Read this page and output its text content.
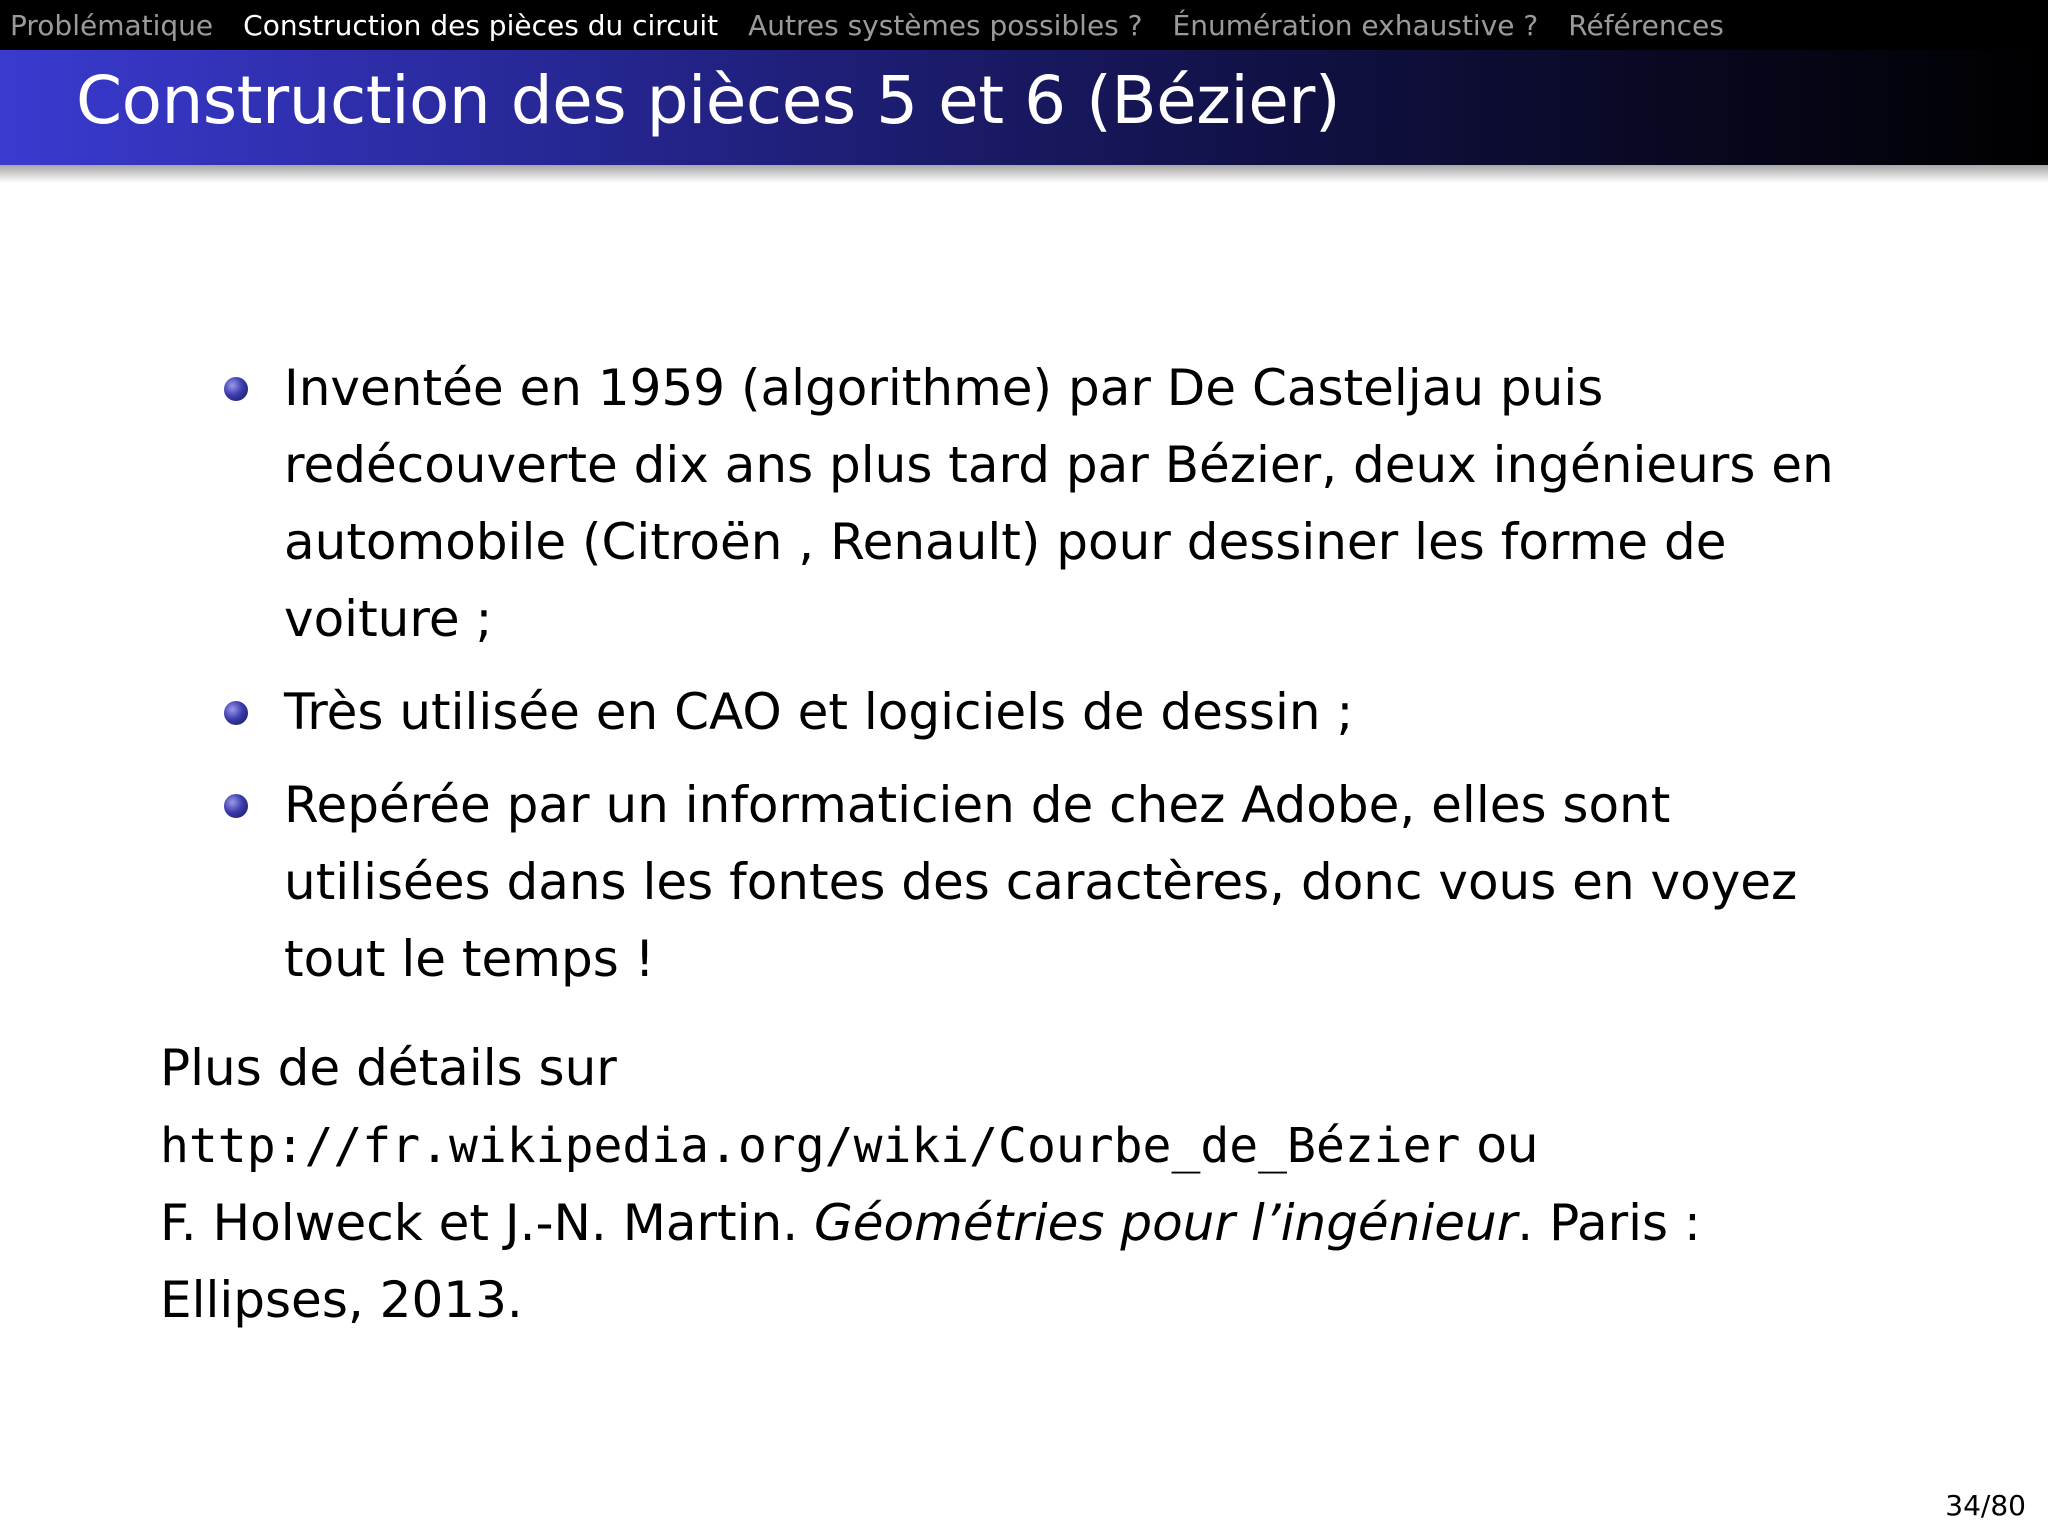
Problématique Construction des pièces du circuit Autres systèmes possibles ? Énumération exhaustive ? Références
Construction des pièces 5 et 6 (Bézier)
Inventée en 1959 (algorithme) par De Casteljau puis redécouverte dix ans plus tard par Bézier, deux ingénieurs en automobile (Citroën , Renault) pour dessiner les forme de voiture ;
Très utilisée en CAO et logiciels de dessin ;
Repérée par un informaticien de chez Adobe, elles sont utilisées dans les fontes des caractères, donc vous en voyez tout le temps !
Plus de détails sur
http://fr.wikipedia.org/wiki/Courbe_de_Bézier ou
F. Holweck et J.-N. Martin. Géométries pour l’ingénieur. Paris :
Ellipses, 2013.
34/80
